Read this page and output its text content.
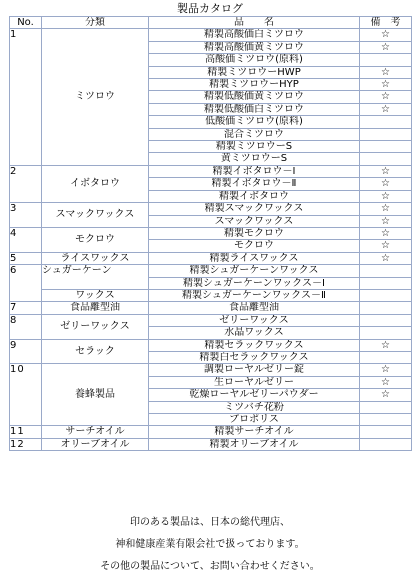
製品カタログ
No.	分類	品　　名	備　考
1	ミツロウ	精製高酸価白ミツロウ	☆
		精製高酸価黄ミツロウ	☆
		高酸価ミツロウ(原料)	
		精製ミツロウーHWP	☆
		精製ミツロウーHYP	☆
		精製低酸価黄ミツロウ	☆
		精製低酸価白ミツロウ	☆
		低酸価ミツロウ(原料)	
		混合ミツロウ	
		精製ミツロウーS	
		黄ミツロウーS	
2	イボタロウ	精製イボタロウ－Ⅰ	☆
		精製イボタロウ－Ⅱ	☆
		精製イボタロウ	☆
3	スマックワックス	精製スマックワックス	☆
		スマックワックス	☆
4	モクロウ	精製モクロウ	☆
		モクロウ	☆
5	ライスワックス	精製ライスワックス	☆
6	シュガーケーン	精製シュガーケーンワックス	
		精製シュガーケーンワックス－Ⅰ	
	ワックス	精製シュガーケーンワックス－Ⅱ	
7	食品離型油	食品離型油	
8	ゼリーワックス	ゼリーワックス	
		水晶ワックス	
9	セラック	精製セラックワックス	☆
		精製白セラックワックス	
10	養蜂製品	調製ローヤルゼリー錠	☆
		生ローヤルゼリー	☆
		乾燥ローヤルゼリーパウダー	☆
		ミツバチ花粉	
		プロポリス	
11	サーチオイル	精製サーチオイル	
12	オリーブオイル	精製オリーブオイル	
印のある製品は、日本の総代理店、
神和健康産業有限会社で扱っております。
その他の製品について、お問い合わせください。
